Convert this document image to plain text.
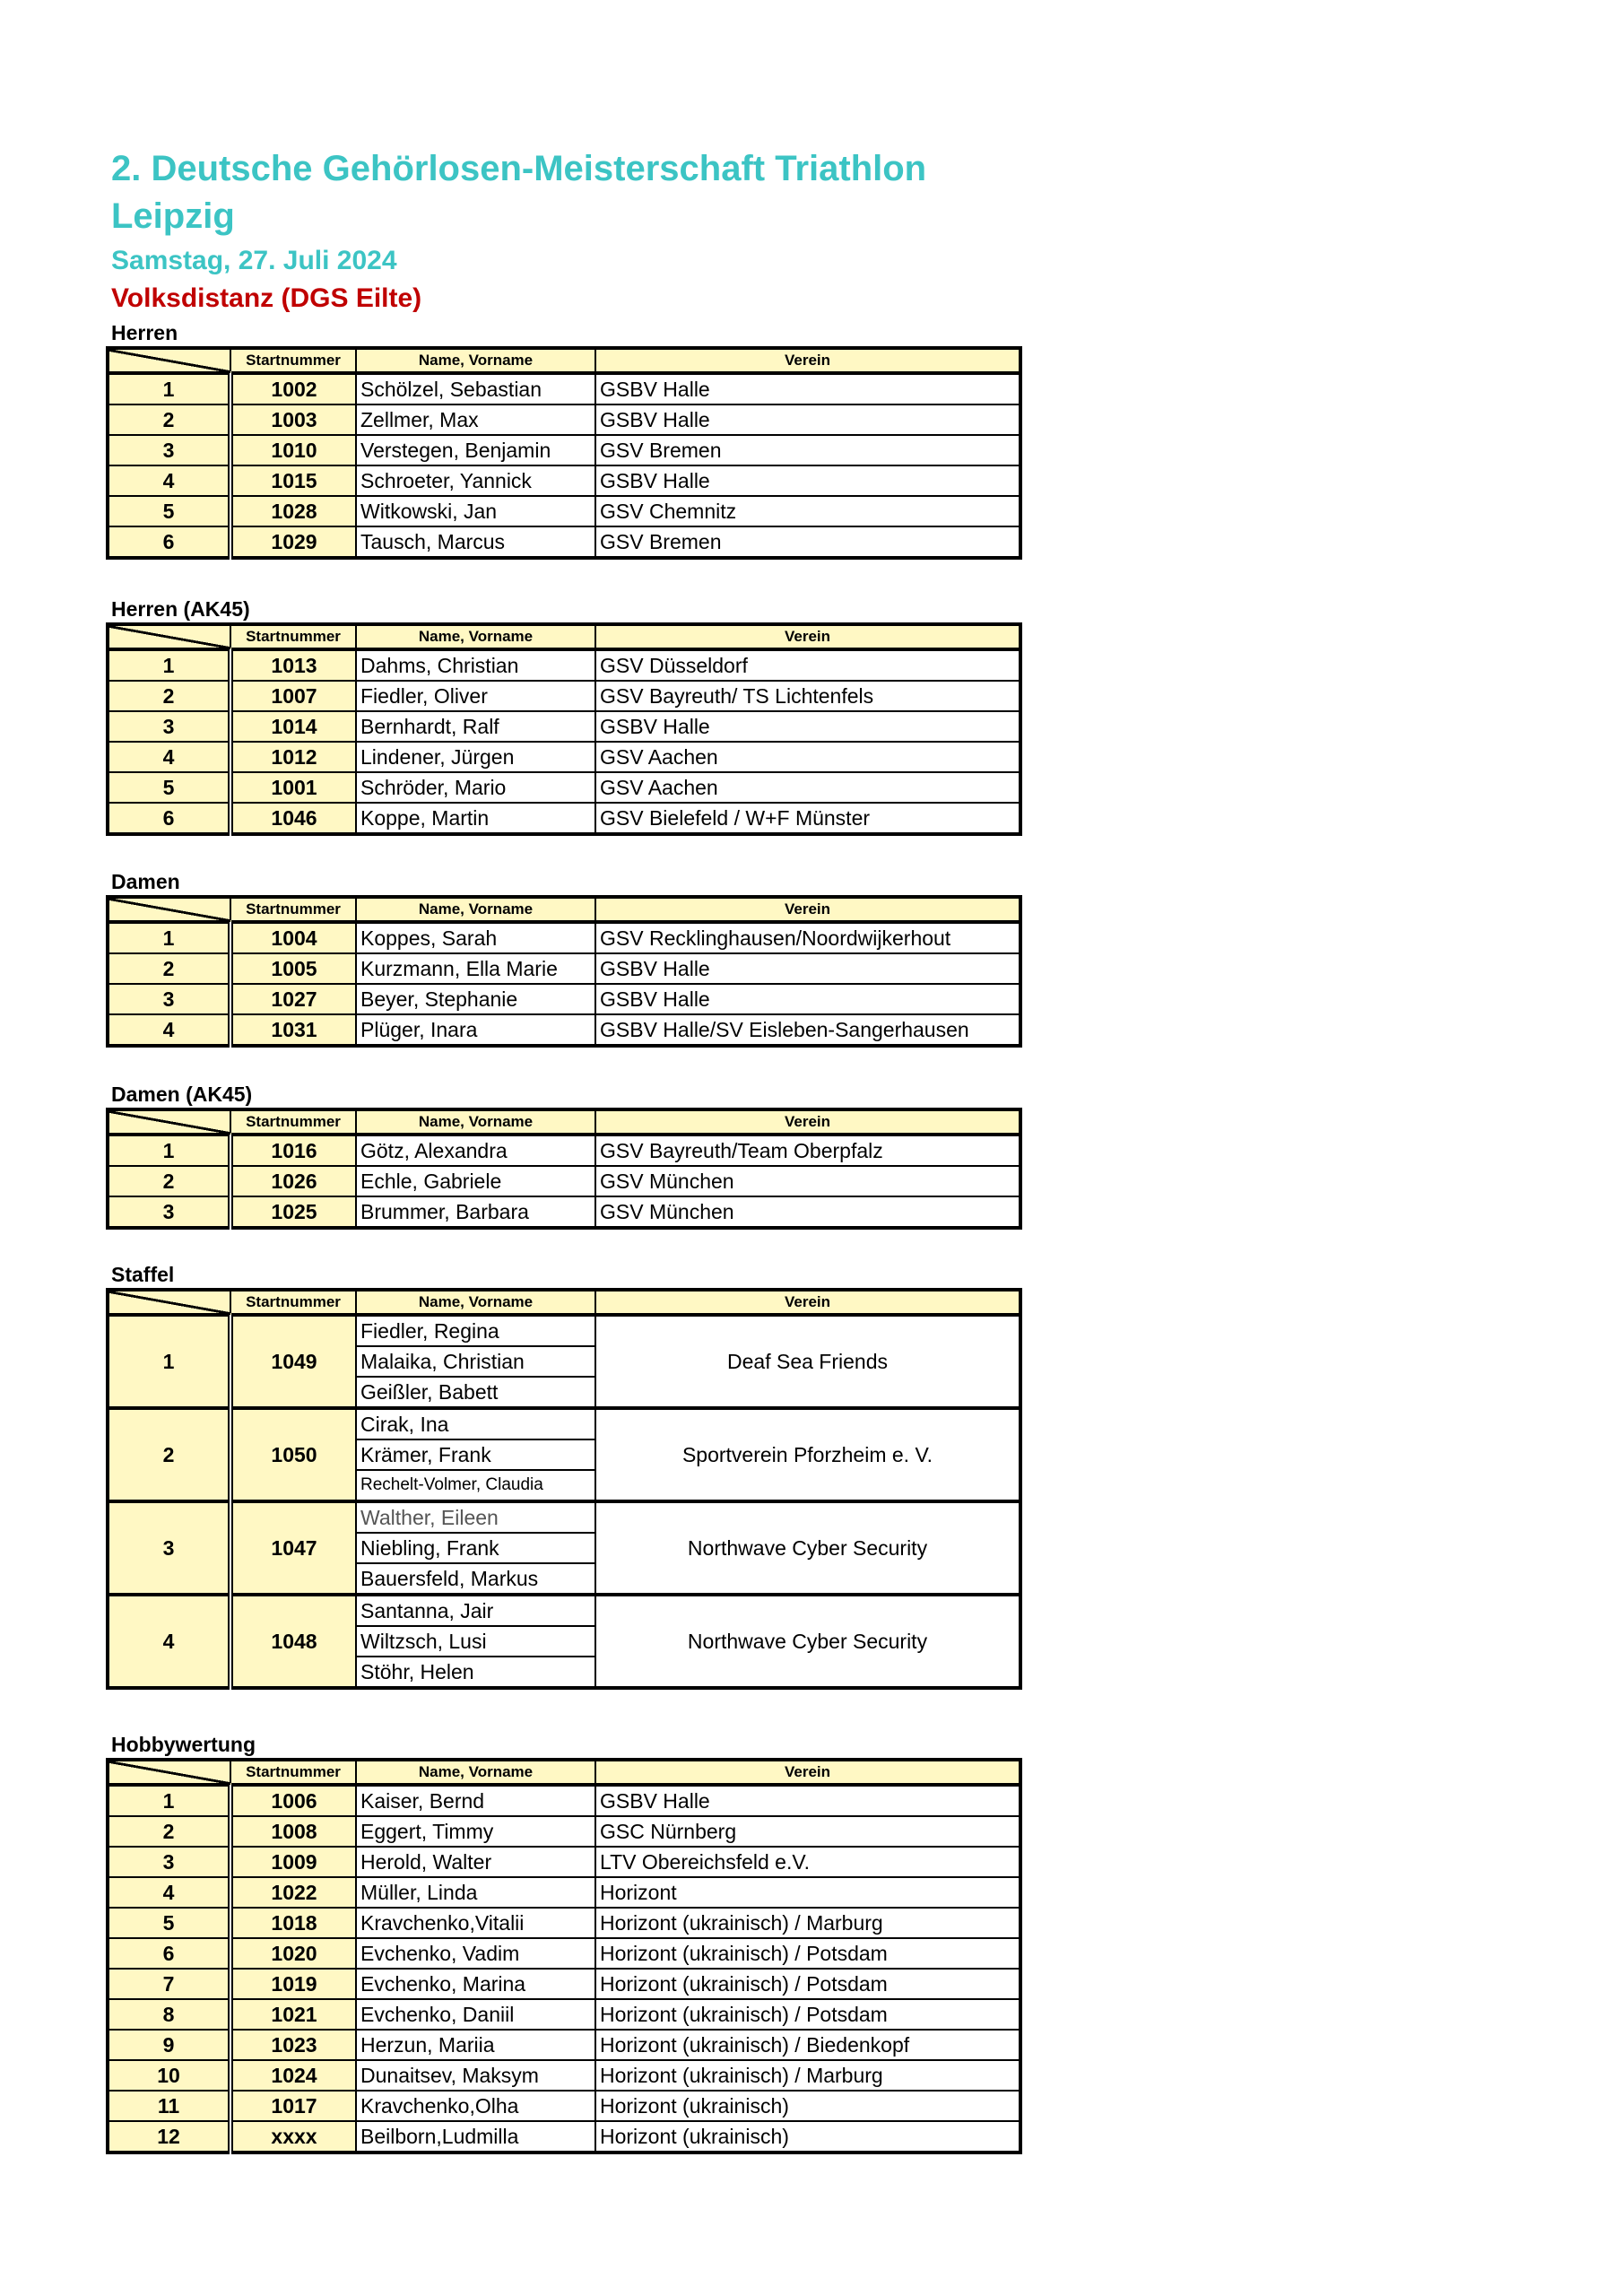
2. Deutsche Gehörlosen-Meisterschaft Triathlon
Leipzig
Samstag, 27. Juli 2024
Volksdistanz (DGS Eilte)
Herren
	Startnummer	Name, Vorname	Verein
1	1002	Schölzel, Sebastian	GSBV Halle
2	1003	Zellmer, Max	GSBV Halle
3	1010	Verstegen, Benjamin	GSV Bremen
4	1015	Schroeter, Yannick	GSBV Halle
5	1028	Witkowski, Jan	GSV Chemnitz
6	1029	Tausch, Marcus	GSV Bremen
Herren (AK45)
	Startnummer	Name, Vorname	Verein
1	1013	Dahms, Christian	GSV Düsseldorf
2	1007	Fiedler, Oliver	GSV Bayreuth/ TS Lichtenfels
3	1014	Bernhardt, Ralf	GSBV Halle
4	1012	Lindener, Jürgen	GSV Aachen
5	1001	Schröder, Mario	GSV Aachen
6	1046	Koppe, Martin	GSV Bielefeld / W+F Münster
Damen
	Startnummer	Name, Vorname	Verein
1	1004	Koppes, Sarah	GSV Recklinghausen/Noordwijkerhout
2	1005	Kurzmann, Ella Marie	GSBV Halle
3	1027	Beyer, Stephanie	GSBV Halle
4	1031	Plüger, Inara	GSBV Halle/SV Eisleben-Sangerhausen
Damen (AK45)
	Startnummer	Name, Vorname	Verein
1	1016	Götz, Alexandra	GSV Bayreuth/Team Oberpfalz
2	1026	Echle, Gabriele	GSV München
3	1025	Brummer, Barbara	GSV München
Staffel
	Startnummer	Name, Vorname	Verein
1	1049	Fiedler, Regina	Deaf Sea Friends
		Malaika, Christian	
		Geißler, Babett	
2	1050	Cirak, Ina	Sportverein Pforzheim e. V.
		Krämer, Frank	
		Rechelt-Volmer, Claudia	
3	1047	Walther, Eileen	Northwave Cyber Security
		Niebling, Frank	
		Bauersfeld, Markus	
4	1048	Santanna, Jair	Northwave Cyber Security
		Wiltzsch, Lusi	
		Stöhr, Helen	
Hobbywertung
	Startnummer	Name, Vorname	Verein
1	1006	Kaiser, Bernd	GSBV Halle
2	1008	Eggert, Timmy	GSC Nürnberg
3	1009	Herold, Walter	LTV Obereichsfeld e.V.
4	1022	Müller, Linda	Horizont
5	1018	Kravchenko,Vitalii	Horizont (ukrainisch) / Marburg
6	1020	Evchenko, Vadim	Horizont (ukrainisch) / Potsdam
7	1019	Evchenko, Marina	Horizont (ukrainisch) / Potsdam
8	1021	Evchenko, Daniil	Horizont (ukrainisch) / Potsdam
9	1023	Herzun, Mariia	Horizont (ukrainisch) / Biedenkopf
10	1024	Dunaitsev, Maksym	Horizont (ukrainisch) / Marburg
11	1017	Kravchenko,Olha	Horizont (ukrainisch)
12	xxxx	Beilborn,Ludmilla	Horizont (ukrainisch)
